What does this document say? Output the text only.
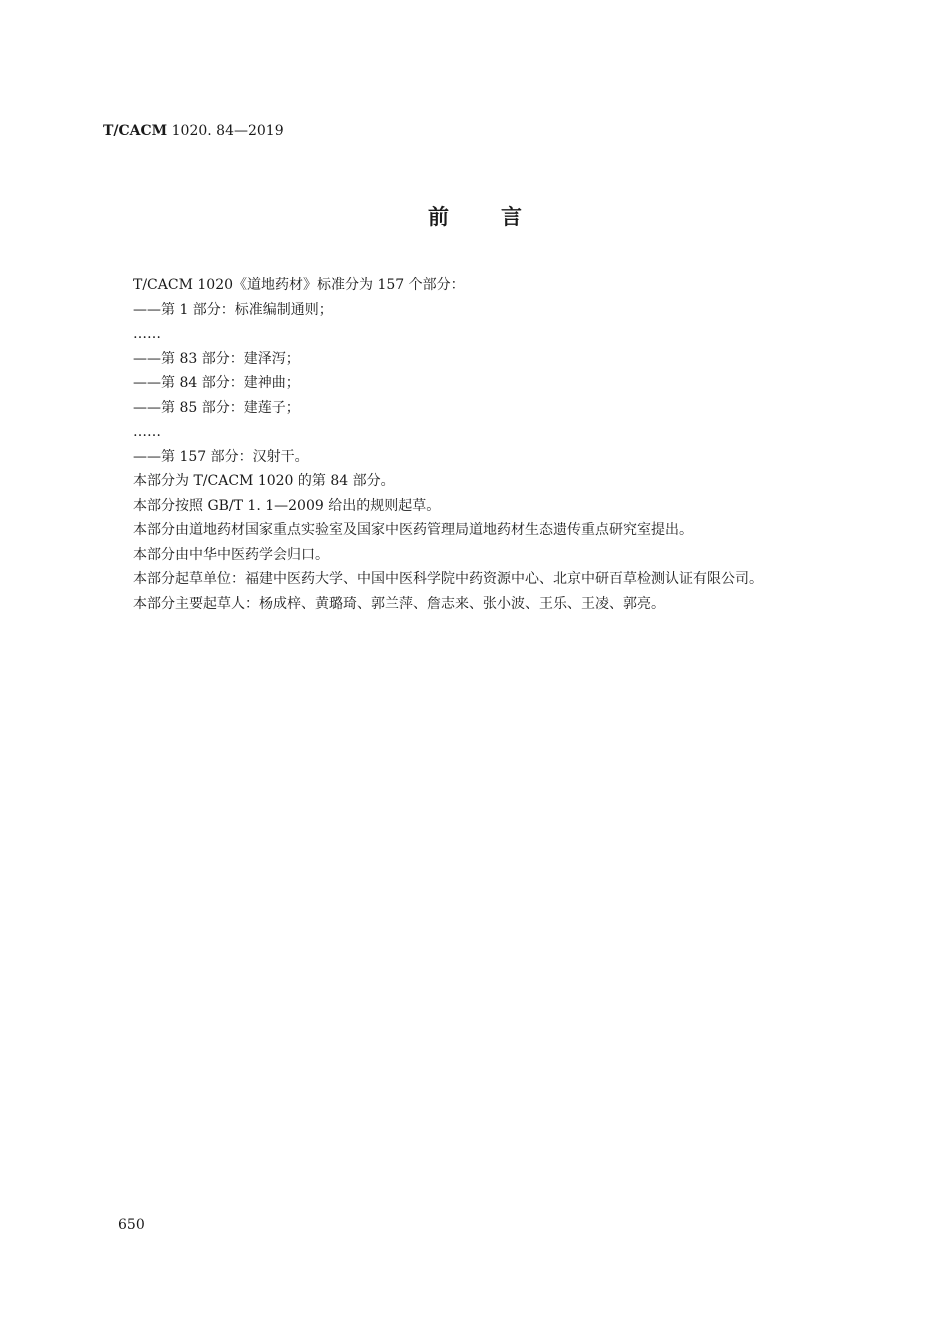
T/CACM 1020. 84—2019
前 言
T/CACM 1020《道地药材》标准分为 157 个部分：
——第 1 部分：标准编制通则；
……
——第 83 部分：建泽泻；
——第 84 部分：建神曲；
——第 85 部分：建莲子；
……
——第 157 部分：汉射干。
本部分为 T/CACM 1020 的第 84 部分。
本部分按照 GB/T 1. 1—2009 给出的规则起草。
本部分由道地药材国家重点实验室及国家中医药管理局道地药材生态遗传重点研究室提出。
本部分由中华中医药学会归口。
本部分起草单位：福建中医药大学、中国中医科学院中药资源中心、北京中研百草检测认证有限公司。
本部分主要起草人：杨成梓、黄璐琦、郭兰萍、詹志来、张小波、王乐、王凌、郭亮。
650
